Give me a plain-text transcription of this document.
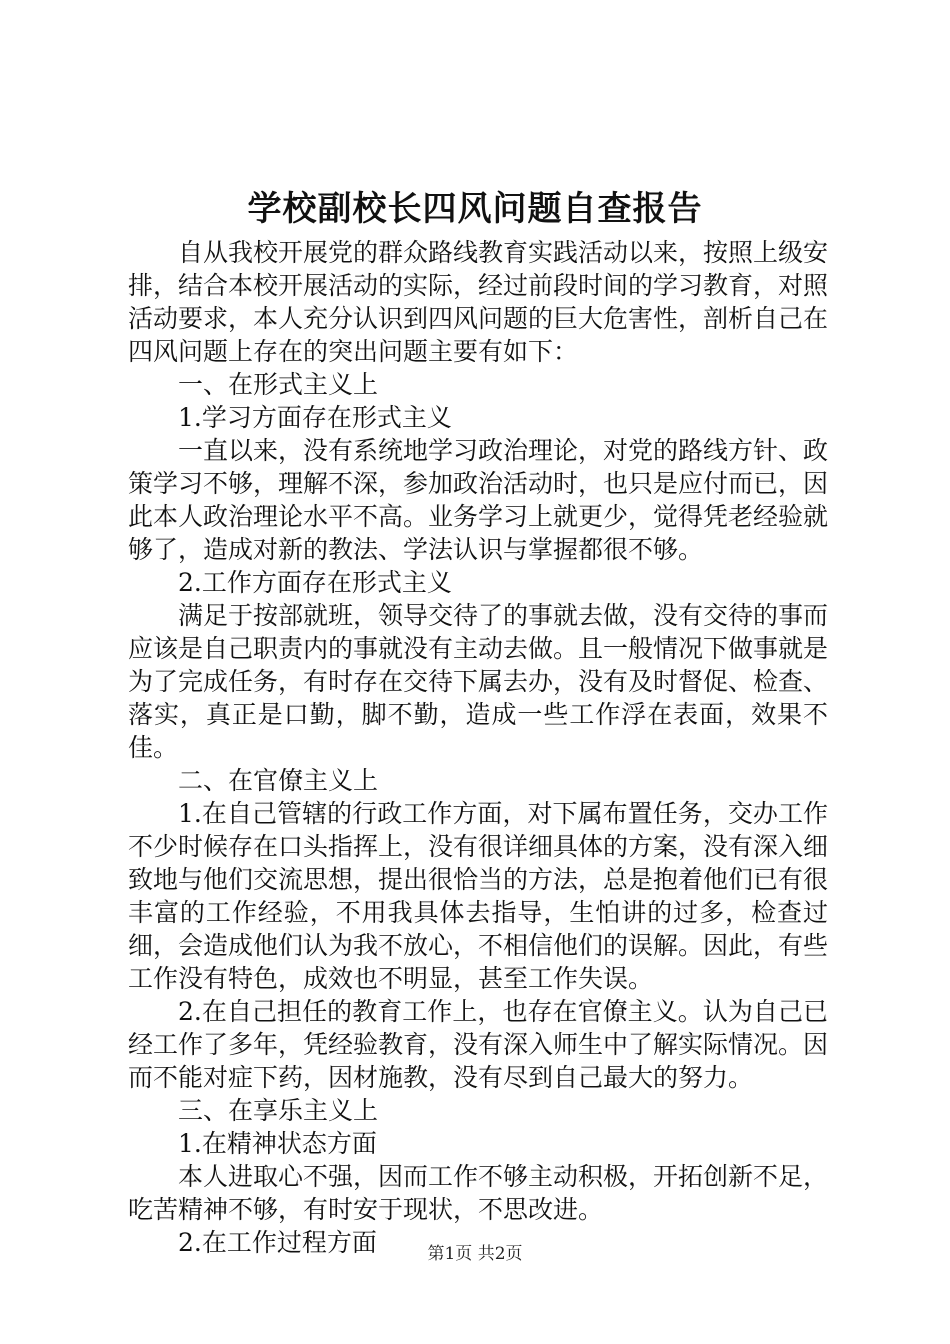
学校副校长四风问题自查报告

自从我校开展党的群众路线教育实践活动以来，按照上级安排，结合本校开展活动的实际，经过前段时间的学习教育，对照活动要求，本人充分认识到四风问题的巨大危害性，剖析自己在四风问题上存在的突出问题主要有如下：

一、在形式主义上

1.学习方面存在形式主义

一直以来，没有系统地学习政治理论，对党的路线方针、政策学习不够，理解不深，参加政治活动时，也只是应付而已，因此本人政治理论水平不高。业务学习上就更少，觉得凭老经验就够了，造成对新的教法、学法认识与掌握都很不够。

2.工作方面存在形式主义

满足于按部就班，领导交待了的事就去做，没有交待的事而应该是自己职责内的事就没有主动去做。且一般情况下做事就是为了完成任务，有时存在交待下属去办，没有及时督促、检查、落实，真正是口勤，脚不勤，造成一些工作浮在表面，效果不佳。

二、在官僚主义上

1.在自己管辖的行政工作方面，对下属布置任务，交办工作不少时候存在口头指挥上，没有很详细具体的方案，没有深入细致地与他们交流思想，提出很恰当的方法，总是抱着他们已有很丰富的工作经验，不用我具体去指导，生怕讲的过多，检查过细，会造成他们认为我不放心，不相信他们的误解。因此，有些工作没有特色，成效也不明显，甚至工作失误。

2.在自己担任的教育工作上，也存在官僚主义。认为自己已经工作了多年，凭经验教育，没有深入师生中了解实际情况。因而不能对症下药，因材施教，没有尽到自己最大的努力。

三、在享乐主义上

1.在精神状态方面

本人进取心不强，因而工作不够主动积极，开拓创新不足，吃苦精神不够，有时安于现状，不思改进。

2.在工作过程方面	第1页 共2页
